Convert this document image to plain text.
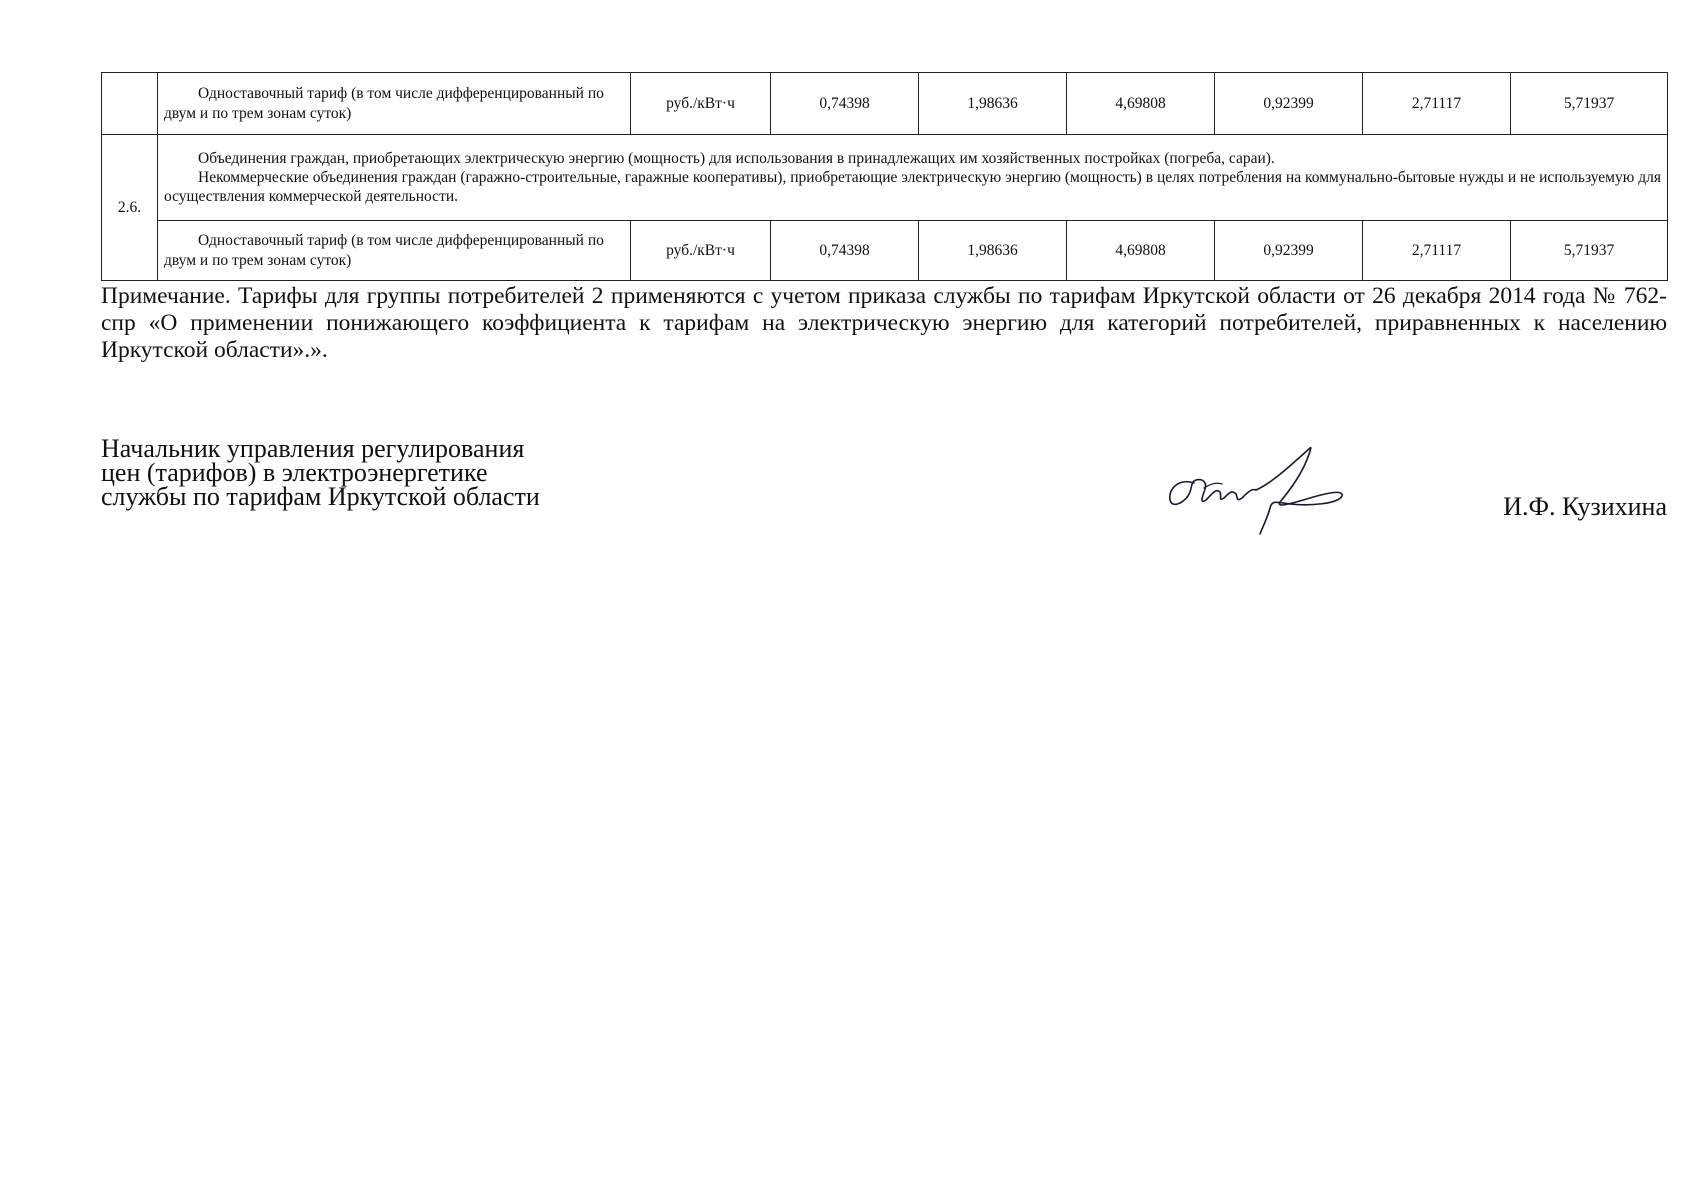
	Одноставочный тариф (в том числе дифференцированный по двум и по трем зонам суток)	руб./кВт·ч	0,74398	1,98636	4,69808	0,92399	2,71117	5,71937
2.6.	Объединения граждан, приобретающих электрическую энергию (мощность) для использования в принадлежащих им хозяйственных постройках (погреба, сараи).

Некоммерческие объединения граждан (гаражно-строительные, гаражные кооперативы), приобретающие электрическую энергию (мощность) в целях потребления на коммунально-бытовые нужды и не используемую для осуществления коммерческой деятельности.							

	Одноставочный тариф (в том числе дифференцированный по двум и по трем зонам суток)	руб./кВт·ч	0,74398	1,98636	4,69808	0,92399	2,71117	5,71937

Примечание. Тарифы для группы потребителей 2 применяются с учетом приказа службы по тарифам Иркутской области от 26 декабря 2014 года № 762-спр «О применении понижающего коэффициента к тарифам на электрическую энергию для категорий потребителей, приравненных к населению Иркутской области».».

Начальник управления регулирования
цен (тарифов) в электроэнергетике
службы по тарифам Иркутской области	И.Ф. Кузихина
